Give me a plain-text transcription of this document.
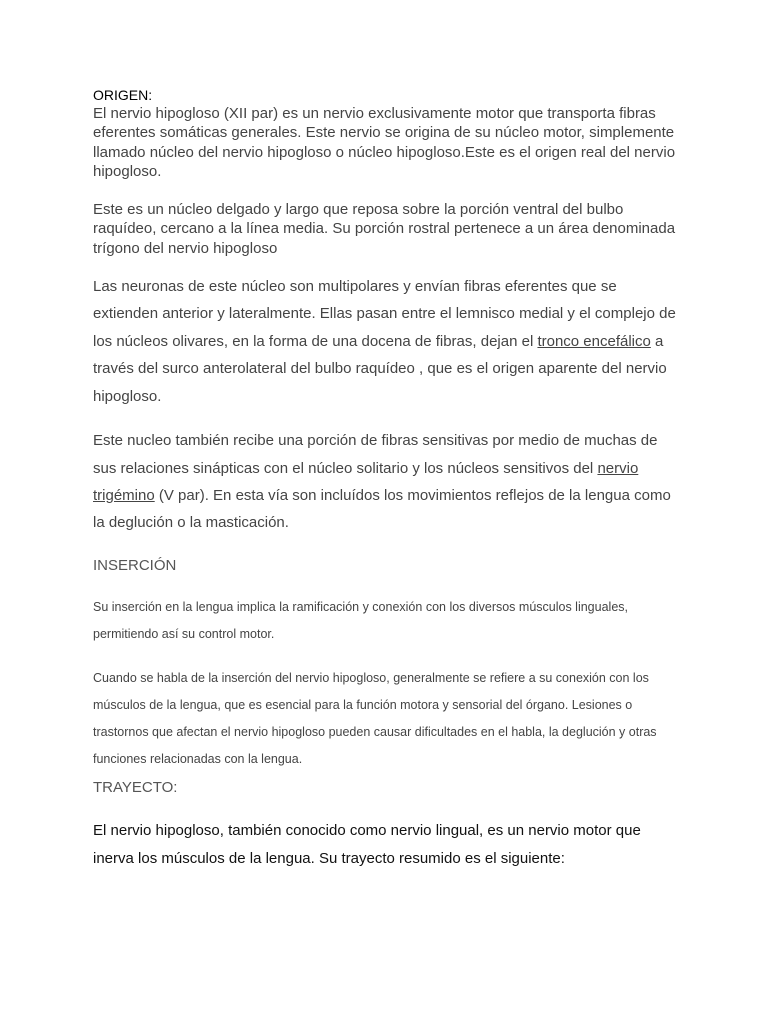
ORIGEN:

El nervio hipogloso (XII par) es un nervio exclusivamente motor que transporta fibras eferentes somáticas generales. Este nervio se origina de su núcleo motor, simplemente llamado núcleo del nervio hipogloso o núcleo hipogloso.Este es el origen real del nervio hipogloso.

Este es un núcleo delgado y largo que reposa sobre la porción ventral del bulbo raquídeo, cercano a la línea media. Su porción rostral pertenece a un área denominada trígono del nervio hipogloso

Las neuronas de este núcleo son multipolares y envían fibras eferentes que se extienden anterior y lateralmente. Ellas pasan entre el lemnisco medial y el complejo de los núcleos olivares, en la forma de una docena de fibras, dejan el tronco encefálico a través del surco anterolateral del bulbo raquídeo , que es el origen aparente del nervio hipogloso.

Este nucleo también recibe una porción de fibras sensitivas por medio de muchas de sus relaciones sinápticas con el núcleo solitario y los núcleos sensitivos del nervio trigémino (V par). En esta vía son incluídos los movimientos reflejos de la lengua como la deglución o la masticación.

INSERCIÓN

Su inserción en la lengua implica la ramificación y conexión con los diversos músculos linguales, permitiendo así su control motor.

Cuando se habla de la inserción del nervio hipogloso, generalmente se refiere a su conexión con los músculos de la lengua, que es esencial para la función motora y sensorial del órgano. Lesiones o trastornos que afectan el nervio hipogloso pueden causar dificultades en el habla, la deglución y otras funciones relacionadas con la lengua.

TRAYECTO:

El nervio hipogloso, también conocido como nervio lingual, es un nervio motor que inerva los músculos de la lengua. Su trayecto resumido es el siguiente:
